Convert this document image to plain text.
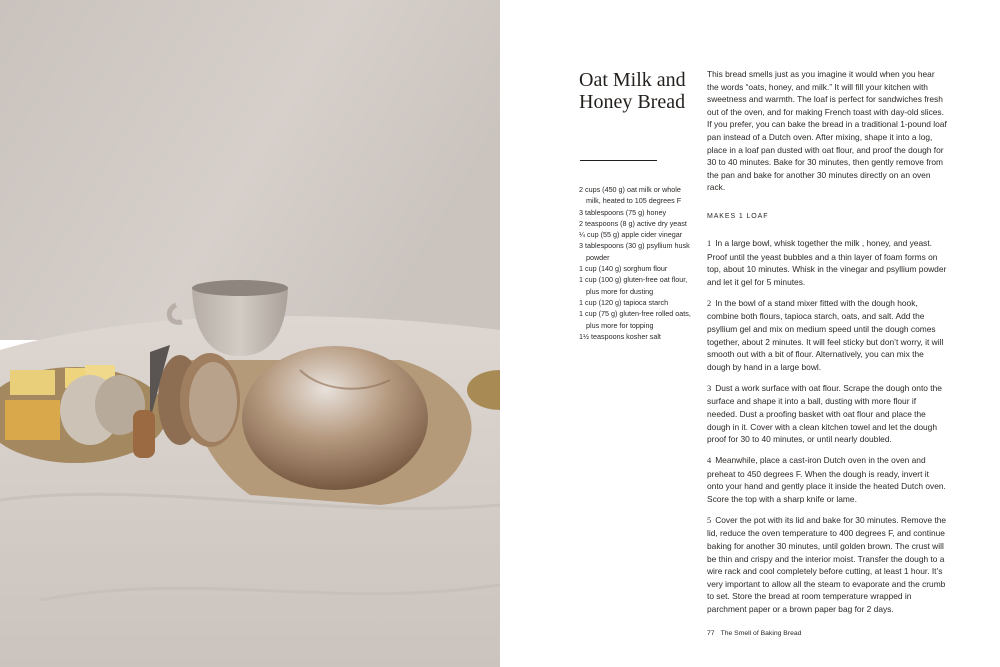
Oat Milk and Honey Bread
2 cups (450 g) oat milk or whole milk, heated to 105 degrees F
3 tablespoons (75 g) honey
2 teaspoons (8 g) active dry yeast
¼ cup (55 g) apple cider vinegar
3 tablespoons (30 g) psyllium husk powder
1 cup (140 g) sorghum flour
1 cup (100 g) gluten-free oat flour, plus more for dusting
1 cup (120 g) tapioca starch
1 cup (75 g) gluten-free rolled oats, plus more for topping
1½ teaspoons kosher salt

This bread smells just as you imagine it would when you hear the words “oats, honey, and milk.” It will fill your kitchen with sweetness and warmth. The loaf is perfect for sandwiches fresh out of the oven, and for making French toast with day-old slices. If you prefer, you can bake the bread in a traditional 1-pound loaf pan instead of a Dutch oven. After mixing, shape it into a log, place in a loaf pan dusted with oat flour, and proof the dough for 30 to 40 minutes. Bake for 30 minutes, then gently remove from the pan and bake for another 30 minutes directly on an oven rack.

MAKES 1 LOAF

1 In a large bowl, whisk together the milk , honey, and yeast. Proof until the yeast bubbles and a thin layer of foam forms on top, about 10 minutes. Whisk in the vinegar and psyllium powder and let it gel for 5 minutes.
2 In the bowl of a stand mixer fitted with the dough hook, combine both flours, tapioca starch, oats, and salt. Add the psyllium gel and mix on medium speed until the dough comes together, about 2 minutes. It will feel sticky but don’t worry, it will smooth out with a bit of flour. Alternatively, you can mix the dough by hand in a large bowl.
3 Dust a work surface with oat flour. Scrape the dough onto the surface and shape it into a ball, dusting with more flour if needed. Dust a proofing basket with oat flour and place the dough in it. Cover with a clean kitchen towel and let the dough proof for 30 to 40 minutes, or until nearly doubled.
4 Meanwhile, place a cast-iron Dutch oven in the oven and preheat to 450 degrees F. When the dough is ready, invert it onto your hand and gently place it inside the heated Dutch oven. Score the top with a sharp knife or lame.
5 Cover the pot with its lid and bake for 30 minutes. Remove the lid, reduce the oven temperature to 400 degrees F, and continue baking for another 30 minutes, until golden brown. The crust will be thin and crispy and the interior moist. Transfer the dough to a wire rack and cool completely before cutting, at least 1 hour. It’s very important to allow all the steam to evaporate and the crumb to set. Store the bread at room temperature wrapped in parchment paper or a brown paper bag for 2 days.
77 The Smell of Baking Bread
